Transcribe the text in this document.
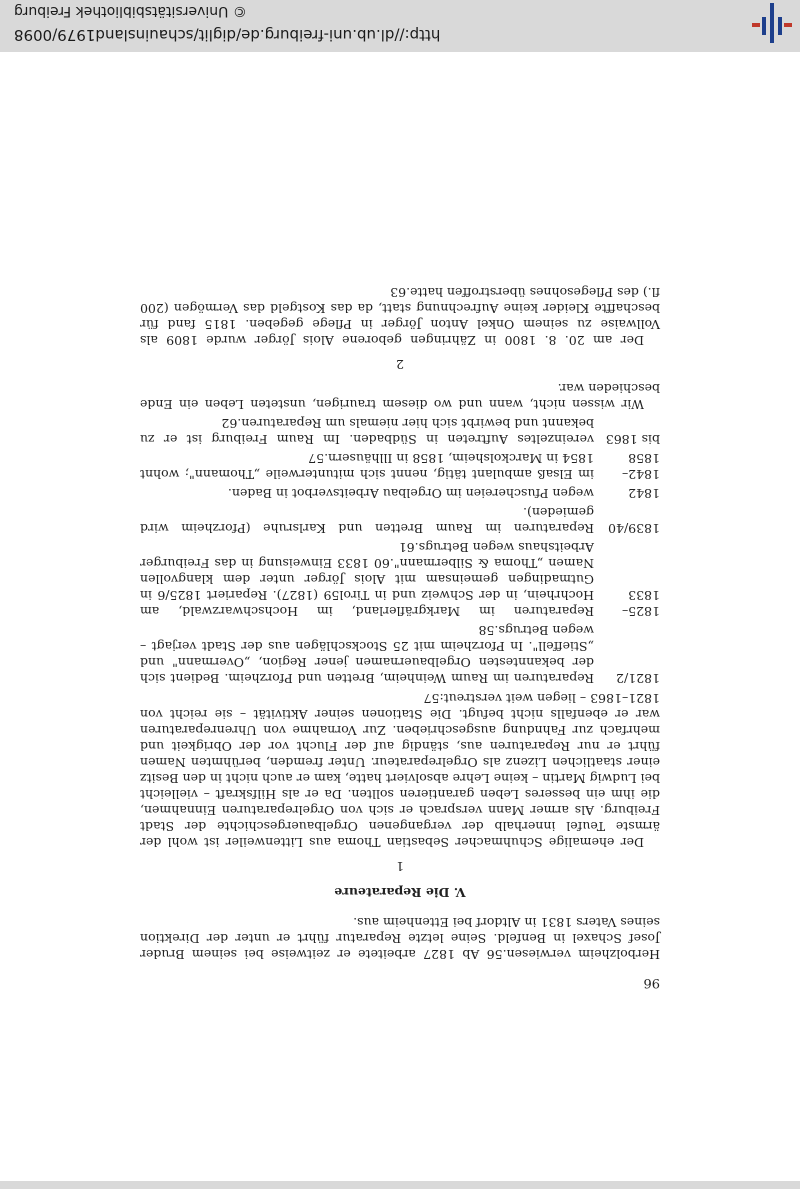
http://dl.ub.uni-freiburg.de/diglit/schauinsland1979/0098
© Universitätsbibliothek Freiburg
96

Herbolzheim verwiesen.56 Ab 1827 arbeitete er zeitweise bei seinem Bruder Josef Schaxel in Benfeld. Seine letzte Reparatur führt er unter der Direktion seines Vaters 1831 in Altdorf bei Ettenheim aus.

V. Die Reparateure

1

Der ehemalige Schuhmacher Sebastian Thoma aus Littenweiler ist wohl der ärmste Teufel innerhalb der vergangenen Orgelbauergeschichte der Stadt Freiburg. Als armer Mann versprach er sich von Orgelreparaturen Einnahmen, die ihm ein besseres Leben garantieren sollten. Da er als Hilfskraft – vielleicht bei Ludwig Martin – keine Lehre absolviert hatte, kam er auch nicht in den Besitz einer staatlichen Lizenz als Orgelreparateur. Unter fremden, berühmten Namen führt er nur Reparaturen aus, ständig auf der Flucht vor der Obrigkeit und mehrfach zur Fahndung ausgeschrieben. Zur Vornahme von Uhrenreparaturen war er ebenfalls nicht befugt. Die Stationen seiner Aktivität – sie reicht von 1821–1863 – liegen weit verstreut:57

1821/2
Reparaturen im Raum Weinheim, Bretten und Pforzheim. Bedient sich der bekanntesten Orgelbauernamen jener Region, „Overmann" und „Stieffell". In Pforzheim mit 25 Stockschlägen aus der Stadt verjagt – wegen Betrugs.58
1825–1833
Reparaturen im Markgräflerland, im Hochschwarzwald, am Hochrhein, in der Schweiz und in Tirol59 (1827). Repariert 1825/6 in Gutmadingen gemeinsam mit Alois Jörger unter dem klangvollen Namen „Thoma & Silbermann".60 1833 Einweisung in das Freiburger Arbeitshaus wegen Betrugs.61
1839/40
Reparaturen im Raum Bretten und Karlsruhe (Pforzheim wird gemieden).
1842
wegen Pfuschereien im Orgelbau Arbeitsverbot in Baden.
1842–1858
im Elsaß ambulant tätig, nennt sich mitunterweile „Thomann"; wohnt 1854 in Marckolsheim, 1858 in Illhäusern.57
bis 1863
vereinzeltes Auftreten in Südbaden. Im Raum Freiburg ist er zu bekannt und bewirbt sich hier niemals um Reparaturen.62

Wir wissen nicht, wann und wo diesem traurigen, unsteten Leben ein Ende beschieden war.

2

Der am 20. 8. 1800 in Zähringen geborene Alois Jörger wurde 1809 als Vollwaise zu seinem Onkel Anton Jörger in Pflege gegeben. 1815 fand für beschaffte Kleider keine Aufrechnung statt, da das Kostgeld das Vermögen (200 fl.) des Pflegesohnes überstroffen hatte.63
